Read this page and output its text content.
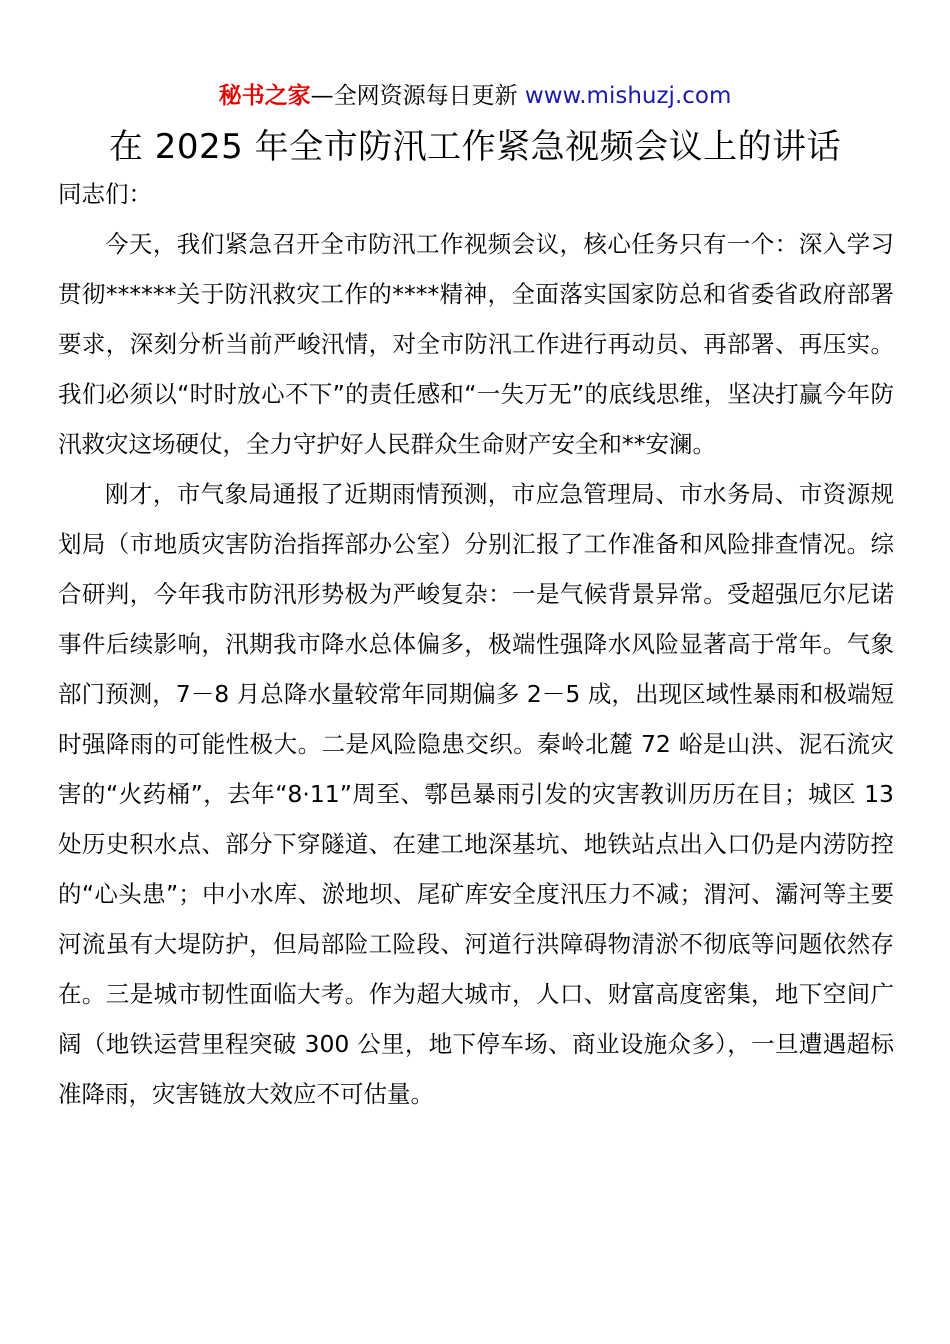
秘书之家—全网资源每日更新 www.mishuzj.com
在 2025 年全市防汛工作紧急视频会议上的讲话

同志们：

今天，我们紧急召开全市防汛工作视频会议，核心任务只有一个：深入学习贯彻******关于防汛救灾工作的****精神，全面落实国家防总和省委省政府部署要求，深刻分析当前严峻汛情，对全市防汛工作进行再动员、再部署、再压实。我们必须以“时时放心不下”的责任感和“一失万无”的底线思维，坚决打赢今年防汛救灾这场硬仗，全力守护好人民群众生命财产安全和**安澜。

刚才，市气象局通报了近期雨情预测，市应急管理局、市水务局、市资源规划局（市地质灾害防治指挥部办公室）分别汇报了工作准备和风险排查情况。综合研判，今年我市防汛形势极为严峻复杂：一是气候背景异常。受超强厄尔尼诺事件后续影响，汛期我市降水总体偏多，极端性强降水风险显著高于常年。气象部门预测，7－8 月总降水量较常年同期偏多 2－5 成，出现区域性暴雨和极端短时强降雨的可能性极大。二是风险隐患交织。秦岭北麓 72 峪是山洪、泥石流灾害的“火药桶”，去年“8·11”周至、鄠邑暴雨引发的灾害教训历历在目；城区 13 处历史积水点、部分下穿隧道、在建工地深基坑、地铁站点出入口仍是内涝防控的“心头患”；中小水库、淤地坝、尾矿库安全度汛压力不减；渭河、灞河等主要河流虽有大堤防护，但局部险工险段、河道行洪障碍物清淤不彻底等问题依然存在。三是城市韧性面临大考。作为超大城市，人口、财富高度密集，地下空间广阔（地铁运营里程突破 300 公里，地下停车场、商业设施众多），一旦遭遇超标准降雨，灾害链放大效应不可估量。
